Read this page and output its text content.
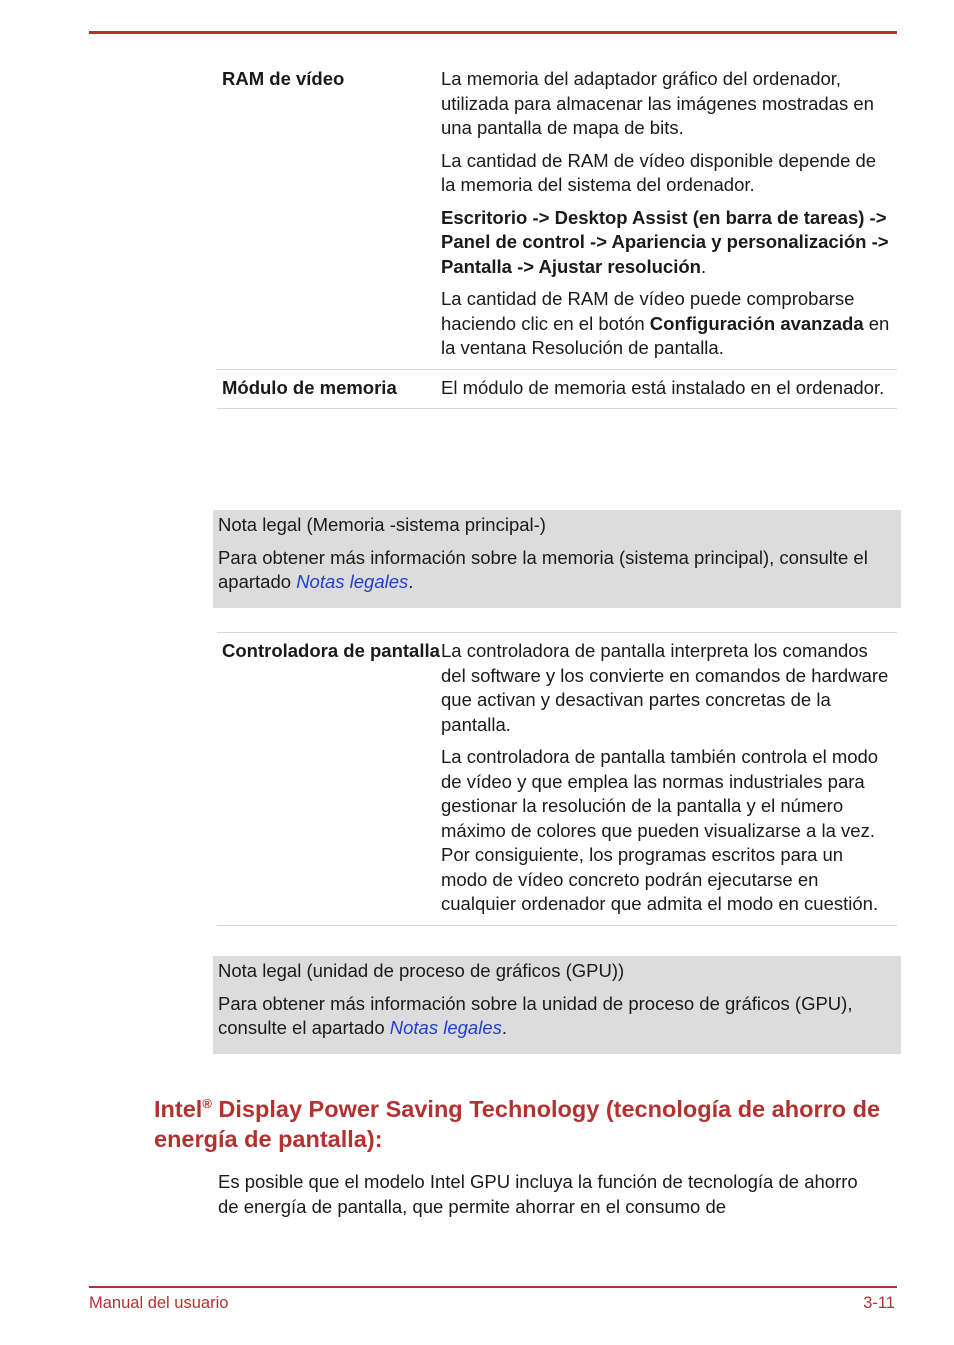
RAM de vídeo	La memoria del adaptador gráfico del ordenador, utilizada para almacenar las imágenes mostradas en una pantalla de mapa de bits.

La cantidad de RAM de vídeo disponible depende de la memoria del sistema del ordenador.

Escritorio -> Desktop Assist (en barra de tareas) -> Panel de control -> Apariencia y personalización -> Pantalla -> Ajustar resolución.

La cantidad de RAM de vídeo puede comprobarse haciendo clic en el botón Configuración avanzada en la ventana Resolución de pantalla.

Módulo de memoria	El módulo de memoria está instalado en el ordenador.

Nota legal (Memoria -sistema principal-)

Para obtener más información sobre la memoria (sistema principal), consulte el apartado Notas legales.

Controladora de pantalla La controladora de pantalla interpreta los comandos del software y los convierte en comandos de hardware que activan y desactivan partes concretas de la pantalla.

La controladora de pantalla también controla el modo de vídeo y que emplea las normas industriales para gestionar la resolución de la pantalla y el número máximo de colores que pueden visualizarse a la vez. Por consiguiente, los programas escritos para un modo de vídeo concreto podrán ejecutarse en cualquier ordenador que admita el modo en cuestión.

Nota legal (unidad de proceso de gráficos (GPU))

Para obtener más información sobre la unidad de proceso de gráficos (GPU), consulte el apartado Notas legales.

Intel® Display Power Saving Technology (tecnología de ahorro de energía de pantalla):

Es posible que el modelo Intel GPU incluya la función de tecnología de ahorro de energía de pantalla, que permite ahorrar en el consumo de

Manual del usuario	3-11
